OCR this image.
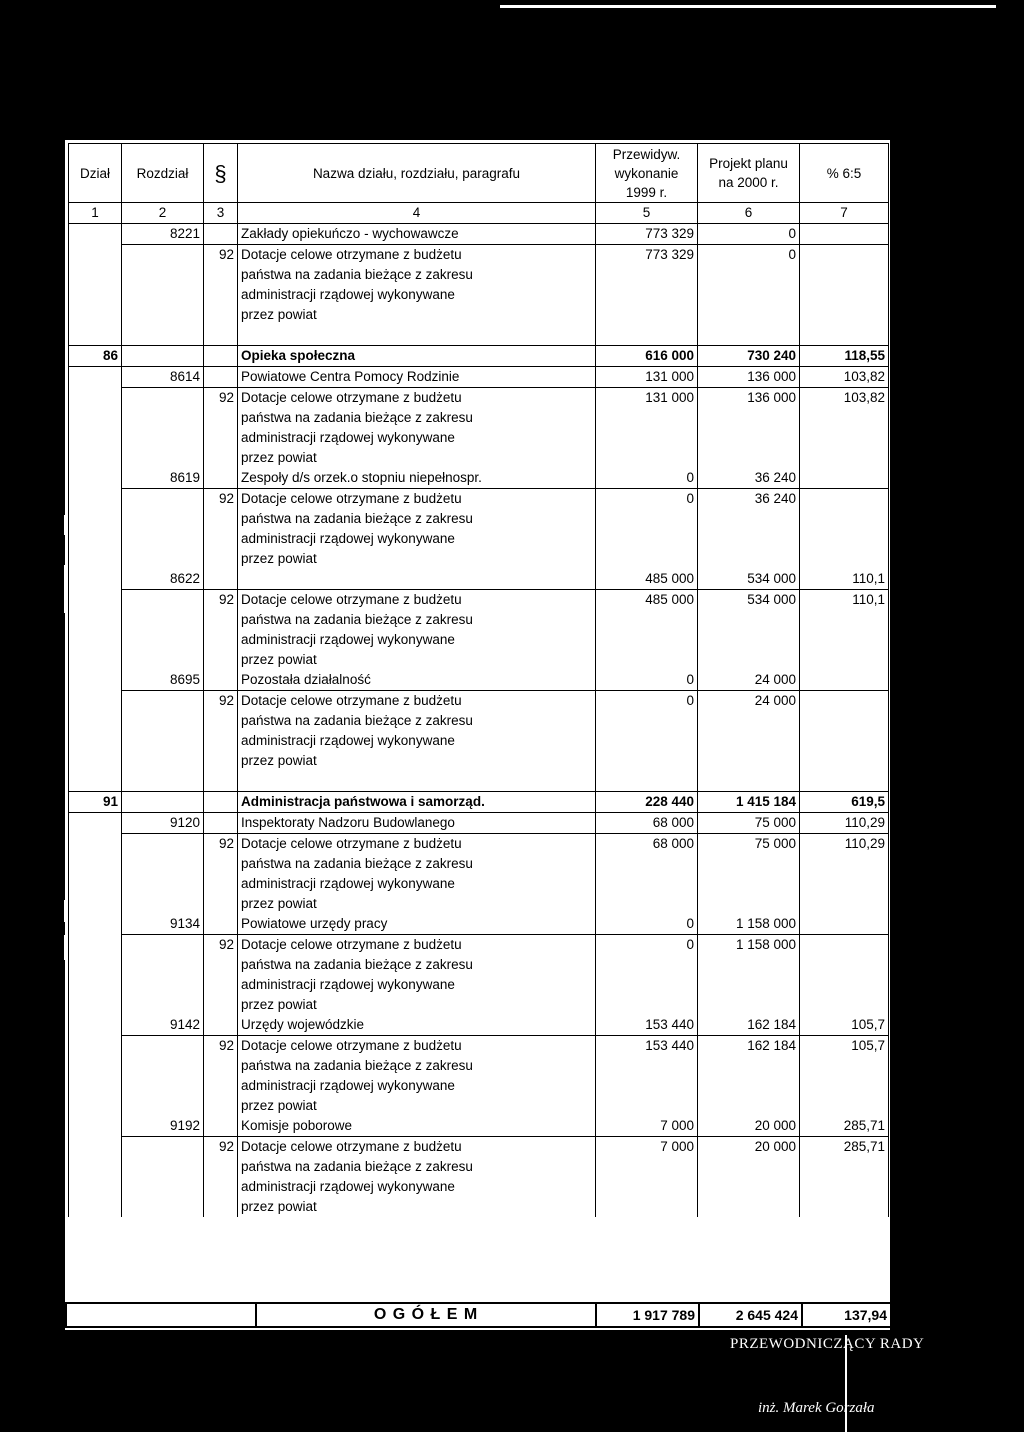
Dział	Rozdział	§	Nazwa działu, rozdziału, paragrafu	Przewidyw. wykonanie 1999 r.	Projekt planu na 2000 r.	% 6:5
1	2	3	4	5	6	7
	8221		Zakłady opiekuńczo - wychowawcze	773 329	0	
		92	Dotacje celowe otrzymane z budżetu
państwa na zadania bieżące z zakresu
administracji rządowej wykonywane
przez powiat	773 329	0	

86			Opieka społeczna	616 000	730 240	118,55
	8614		Powiatowe Centra Pomocy Rodzinie	131 000	136 000	103,82
		92	Dotacje celowe otrzymane z budżetu
państwa na zadania bieżące z zakresu
administracji rządowej wykonywane
przez powiat	131 000	136 000	103,82
	8619		Zespoły d/s orzek.o stopniu niepełnospr.	0	36 240	
		92	Dotacje celowe otrzymane z budżetu
państwa na zadania bieżące z zakresu
administracji rządowej wykonywane
przez powiat	0	36 240	
	8622			485 000	534 000	110,1
		92	Dotacje celowe otrzymane z budżetu
państwa na zadania bieżące z zakresu
administracji rządowej wykonywane
przez powiat	485 000	534 000	110,1
	8695		Pozostała działalność	0	24 000	
		92	Dotacje celowe otrzymane z budżetu
państwa na zadania bieżące z zakresu
administracji rządowej wykonywane
przez powiat	0	24 000	

91			Administracja państwowa i samorząd.	228 440	1 415 184	619,5
	9120		Inspektoraty Nadzoru Budowlanego	68 000	75 000	110,29
		92	Dotacje celowe otrzymane z budżetu
państwa na zadania bieżące z zakresu
administracji rządowej wykonywane
przez powiat	68 000	75 000	110,29
	9134		Powiatowe urzędy pracy	0	1 158 000	
		92	Dotacje celowe otrzymane z budżetu
państwa na zadania bieżące z zakresu
administracji rządowej wykonywane
przez powiat	0	1 158 000	
	9142		Urzędy wojewódzkie	153 440	162 184	105,7
		92	Dotacje celowe otrzymane z budżetu
państwa na zadania bieżące z zakresu
administracji rządowej wykonywane
przez powiat	153 440	162 184	105,7
	9192		Komisje poborowe	7 000	20 000	285,71
		92	Dotacje celowe otrzymane z budżetu
państwa na zadania bieżące z zakresu
administracji rządowej wykonywane
przez powiat	7 000	20 000	285,71
	O G Ó Ł E M	1 917 789	2 645 424	137,94
PRZEWODNICZĄCY RADY
inż. Marek Gorzała
